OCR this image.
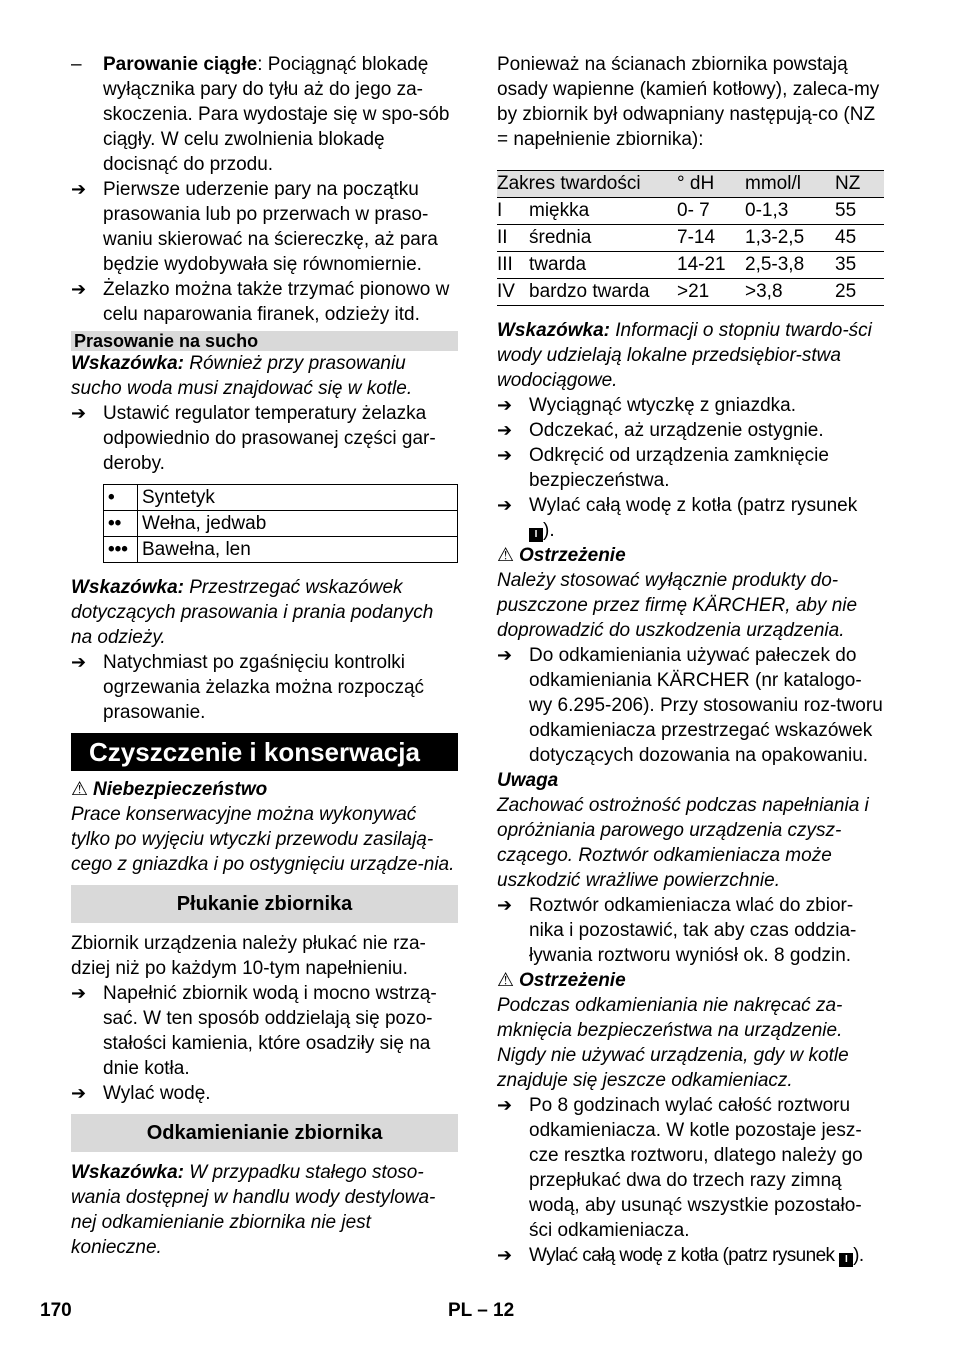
– Parowanie ciągłe: Pociągnąć blokadę wyłącznika pary do tyłu aż do jego za-skoczenia. Para wydostaje się w spo-sób ciągły. W celu zwolnienia blokadę docisnąć do przodu.

➔ Pierwsze uderzenie pary na początku prasowania lub po przerwach w praso-waniu skierować na ściereczkę, aż para będzie wydobywała się równomiernie.

➔ Żelazko można także trzymać pionowo w celu naparowania firanek, odzieży itd.

Prasowanie na sucho

Wskazówka: Również przy prasowaniu sucho woda musi znajdować się w kotle.

➔ Ustawić regulator temperatury żelazka odpowiednio do prasowanej części gar-deroby.

•	Syntetyk
••	Wełna, jedwab
•••	Bawełna, len

Wskazówka: Przestrzegać wskazówek dotyczących prasowania i prania podanych na odzieży.

➔ Natychmiast po zgaśnięciu kontrolki ogrzewania żelazka można rozpocząć prasowanie.

Czyszczenie i konserwacja

⚠ Niebezpieczeństwo

Prace konserwacyjne można wykonywać tylko po wyjęciu wtyczki przewodu zasilają-cego z gniazdka i po ostygnięciu urządze-nia.

Płukanie zbiornika

Zbiornik urządzenia należy płukać nie rza-dziej niż po każdym 10-tym napełnieniu.

➔ Napełnić zbiornik wodą i mocno wstrzą-sać. W ten sposób oddzielają się pozo-stałości kamienia, które osadziły się na dnie kotła.

➔ Wylać wodę.

Odkamienianie zbiornika

Wskazówka: W przypadku stałego stoso-wania dostępnej w handlu wody destylowa-nej odkamienianie zbiornika nie jest konieczne.

Ponieważ na ścianach zbiornika powstają osady wapienne (kamień kotłowy), zaleca-my by zbiornik był odwapniany następują-co (NZ = napełnienie zbiornika):

Zakres twardości		° dH	mmol/l	NZ
I	miękka	0- 7	0-1,3	55
II	średnia	7-14	1,3-2,5	45
III	twarda	14-21	2,5-3,8	35
IV	bardzo twarda	>21	>3,8	25

Wskazówka: Informacji o stopniu twardo-ści wody udzielają lokalne przedsiębior-stwa wodociągowe.

➔ Wyciągnąć wtyczkę z gniazdka.

➔ Odczekać, aż urządzenie ostygnie.

➔ Odkręcić od urządzenia zamknięcie bezpieczeństwa.

➔ Wylać całą wodę z kotła (patrz rysunek
I ).

⚠ Ostrzeżenie

Należy stosować wyłącznie produkty do-puszczone przez firmę KÄRCHER, aby nie doprowadzić do uszkodzenia urządzenia.

➔ Do odkamieniania używać pałeczek do odkamieniania KÄRCHER (nr katalogo-wy 6.295-206). Przy stosowaniu roz-tworu odkamieniacza przestrzegać wskazówek dotyczących dozowania na opakowaniu.

Uwaga

Zachować ostrożność podczas napełniania i opróżniania parowego urządzenia czysz-czącego. Roztwór odkamieniacza może uszkodzić wrażliwe powierzchnie.

➔ Roztwór odkamieniacza wlać do zbior-nika i pozostawić, tak aby czas oddzia-ływania roztworu wyniósł ok. 8 godzin.

⚠ Ostrzeżenie

Podczas odkamieniania nie nakręcać za-mknięcia bezpieczeństwa na urządzenie. Nigdy nie używać urządzenia, gdy w kotle znajduje się jeszcze odkamieniacz.

➔ Po 8 godzinach wylać całość roztworu odkamieniacza. W kotle pozostaje jesz-cze resztka roztworu, dlatego należy go przepłukać dwa do trzech razy zimną wodą, aby usunąć wszystkie pozostało-ści odkamieniacza.

➔ Wylać całą wodę z kotła (patrz rysunek I ).

170	PL – 12
